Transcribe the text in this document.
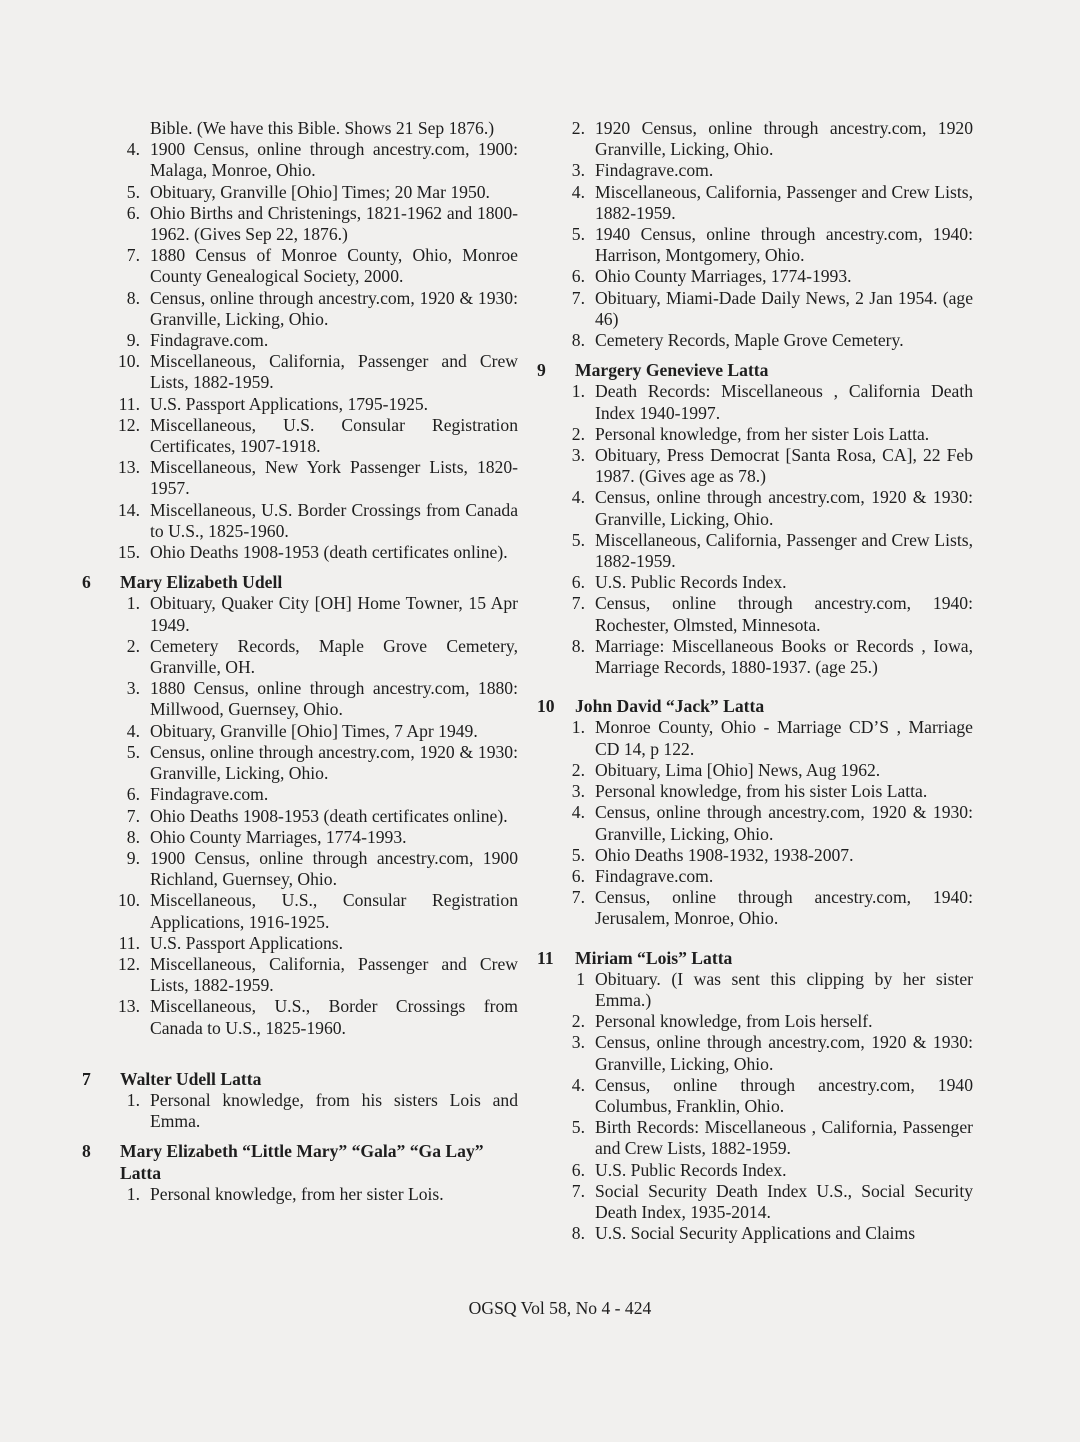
Bible. (We have this Bible. Shows 21 Sep 1876.)
4. 1900 Census, online through ancestry.com, 1900: Malaga, Monroe, Ohio.
5. Obituary, Granville [Ohio] Times; 20 Mar 1950.
6. Ohio Births and Christenings, 1821-1962 and 1800-1962. (Gives Sep 22, 1876.)
7. 1880 Census of Monroe County, Ohio, Monroe County Genealogical Society, 2000.
8. Census, online through ancestry.com, 1920 & 1930: Granville, Licking, Ohio.
9. Findagrave.com.
10. Miscellaneous, California, Passenger and Crew Lists, 1882-1959.
11. U.S. Passport Applications, 1795-1925.
12. Miscellaneous, U.S. Consular Registration Certificates, 1907-1918.
13. Miscellaneous, New York Passenger Lists, 1820-1957.
14. Miscellaneous, U.S. Border Crossings from Canada to U.S., 1825-1960.
15. Ohio Deaths 1908-1953 (death certificates online).
6	Mary Elizabeth Udell
1. Obituary, Quaker City [OH] Home Towner, 15 Apr 1949.
2. Cemetery Records, Maple Grove Cemetery, Granville, OH.
3. 1880 Census, online through ancestry.com, 1880: Millwood, Guernsey, Ohio.
4. Obituary, Granville [Ohio] Times, 7 Apr 1949.
5. Census, online through ancestry.com, 1920 & 1930: Granville, Licking, Ohio.
6. Findagrave.com.
7. Ohio Deaths 1908-1953 (death certificates online).
8. Ohio County Marriages, 1774-1993.
9. 1900 Census, online through ancestry.com, 1900 Richland, Guernsey, Ohio.
10. Miscellaneous, U.S., Consular Registration Applications, 1916-1925.
11. U.S. Passport Applications.
12. Miscellaneous, California, Passenger and Crew Lists, 1882-1959.
13. Miscellaneous, U.S., Border Crossings from Canada to U.S., 1825-1960.
7	Walter Udell Latta
1. Personal knowledge, from his sisters Lois and Emma.
8	Mary Elizabeth “Little Mary” “Gala” “Ga Lay” Latta
1. Personal knowledge, from her sister Lois.
2. 1920 Census, online through ancestry.com, 1920 Granville, Licking, Ohio.
3. Findagrave.com.
4. Miscellaneous, California, Passenger and Crew Lists, 1882-1959.
5. 1940 Census, online through ancestry.com, 1940: Harrison, Montgomery, Ohio.
6. Ohio County Marriages, 1774-1993.
7. Obituary, Miami-Dade Daily News, 2 Jan 1954. (age 46)
8. Cemetery Records, Maple Grove Cemetery.
9	Margery Genevieve Latta
1. Death Records: Miscellaneous , California Death Index 1940-1997.
2. Personal knowledge, from her sister Lois Latta.
3. Obituary, Press Democrat [Santa Rosa, CA], 22 Feb 1987. (Gives age as 78.)
4. Census, online through ancestry.com, 1920 & 1930: Granville, Licking, Ohio.
5. Miscellaneous, California, Passenger and Crew Lists, 1882-1959.
6. U.S. Public Records Index.
7. Census, online through ancestry.com, 1940: Rochester, Olmsted, Minnesota.
8. Marriage: Miscellaneous Books or Records , Iowa, Marriage Records, 1880-1937. (age 25.)
10	John David “Jack” Latta
1. Monroe County, Ohio - Marriage CD’S , Marriage CD 14, p 122.
2. Obituary, Lima [Ohio] News, Aug 1962.
3. Personal knowledge, from his sister Lois Latta.
4. Census, online through ancestry.com, 1920 & 1930: Granville, Licking, Ohio.
5. Ohio Deaths 1908-1932, 1938-2007.
6. Findagrave.com.
7. Census, online through ancestry.com, 1940: Jerusalem, Monroe, Ohio.
11	Miriam “Lois” Latta
1 Obituary. (I was sent this clipping by her sister Emma.)
2. Personal knowledge, from Lois herself.
3. Census, online through ancestry.com, 1920 & 1930: Granville, Licking, Ohio.
4. Census, online through ancestry.com, 1940 Columbus, Franklin, Ohio.
5. Birth Records: Miscellaneous , California, Passenger and Crew Lists, 1882-1959.
6. U.S. Public Records Index.
7. Social Security Death Index U.S., Social Security Death Index, 1935-2014.
8. U.S. Social Security Applications and Claims
OGSQ Vol 58, No 4 - 424
